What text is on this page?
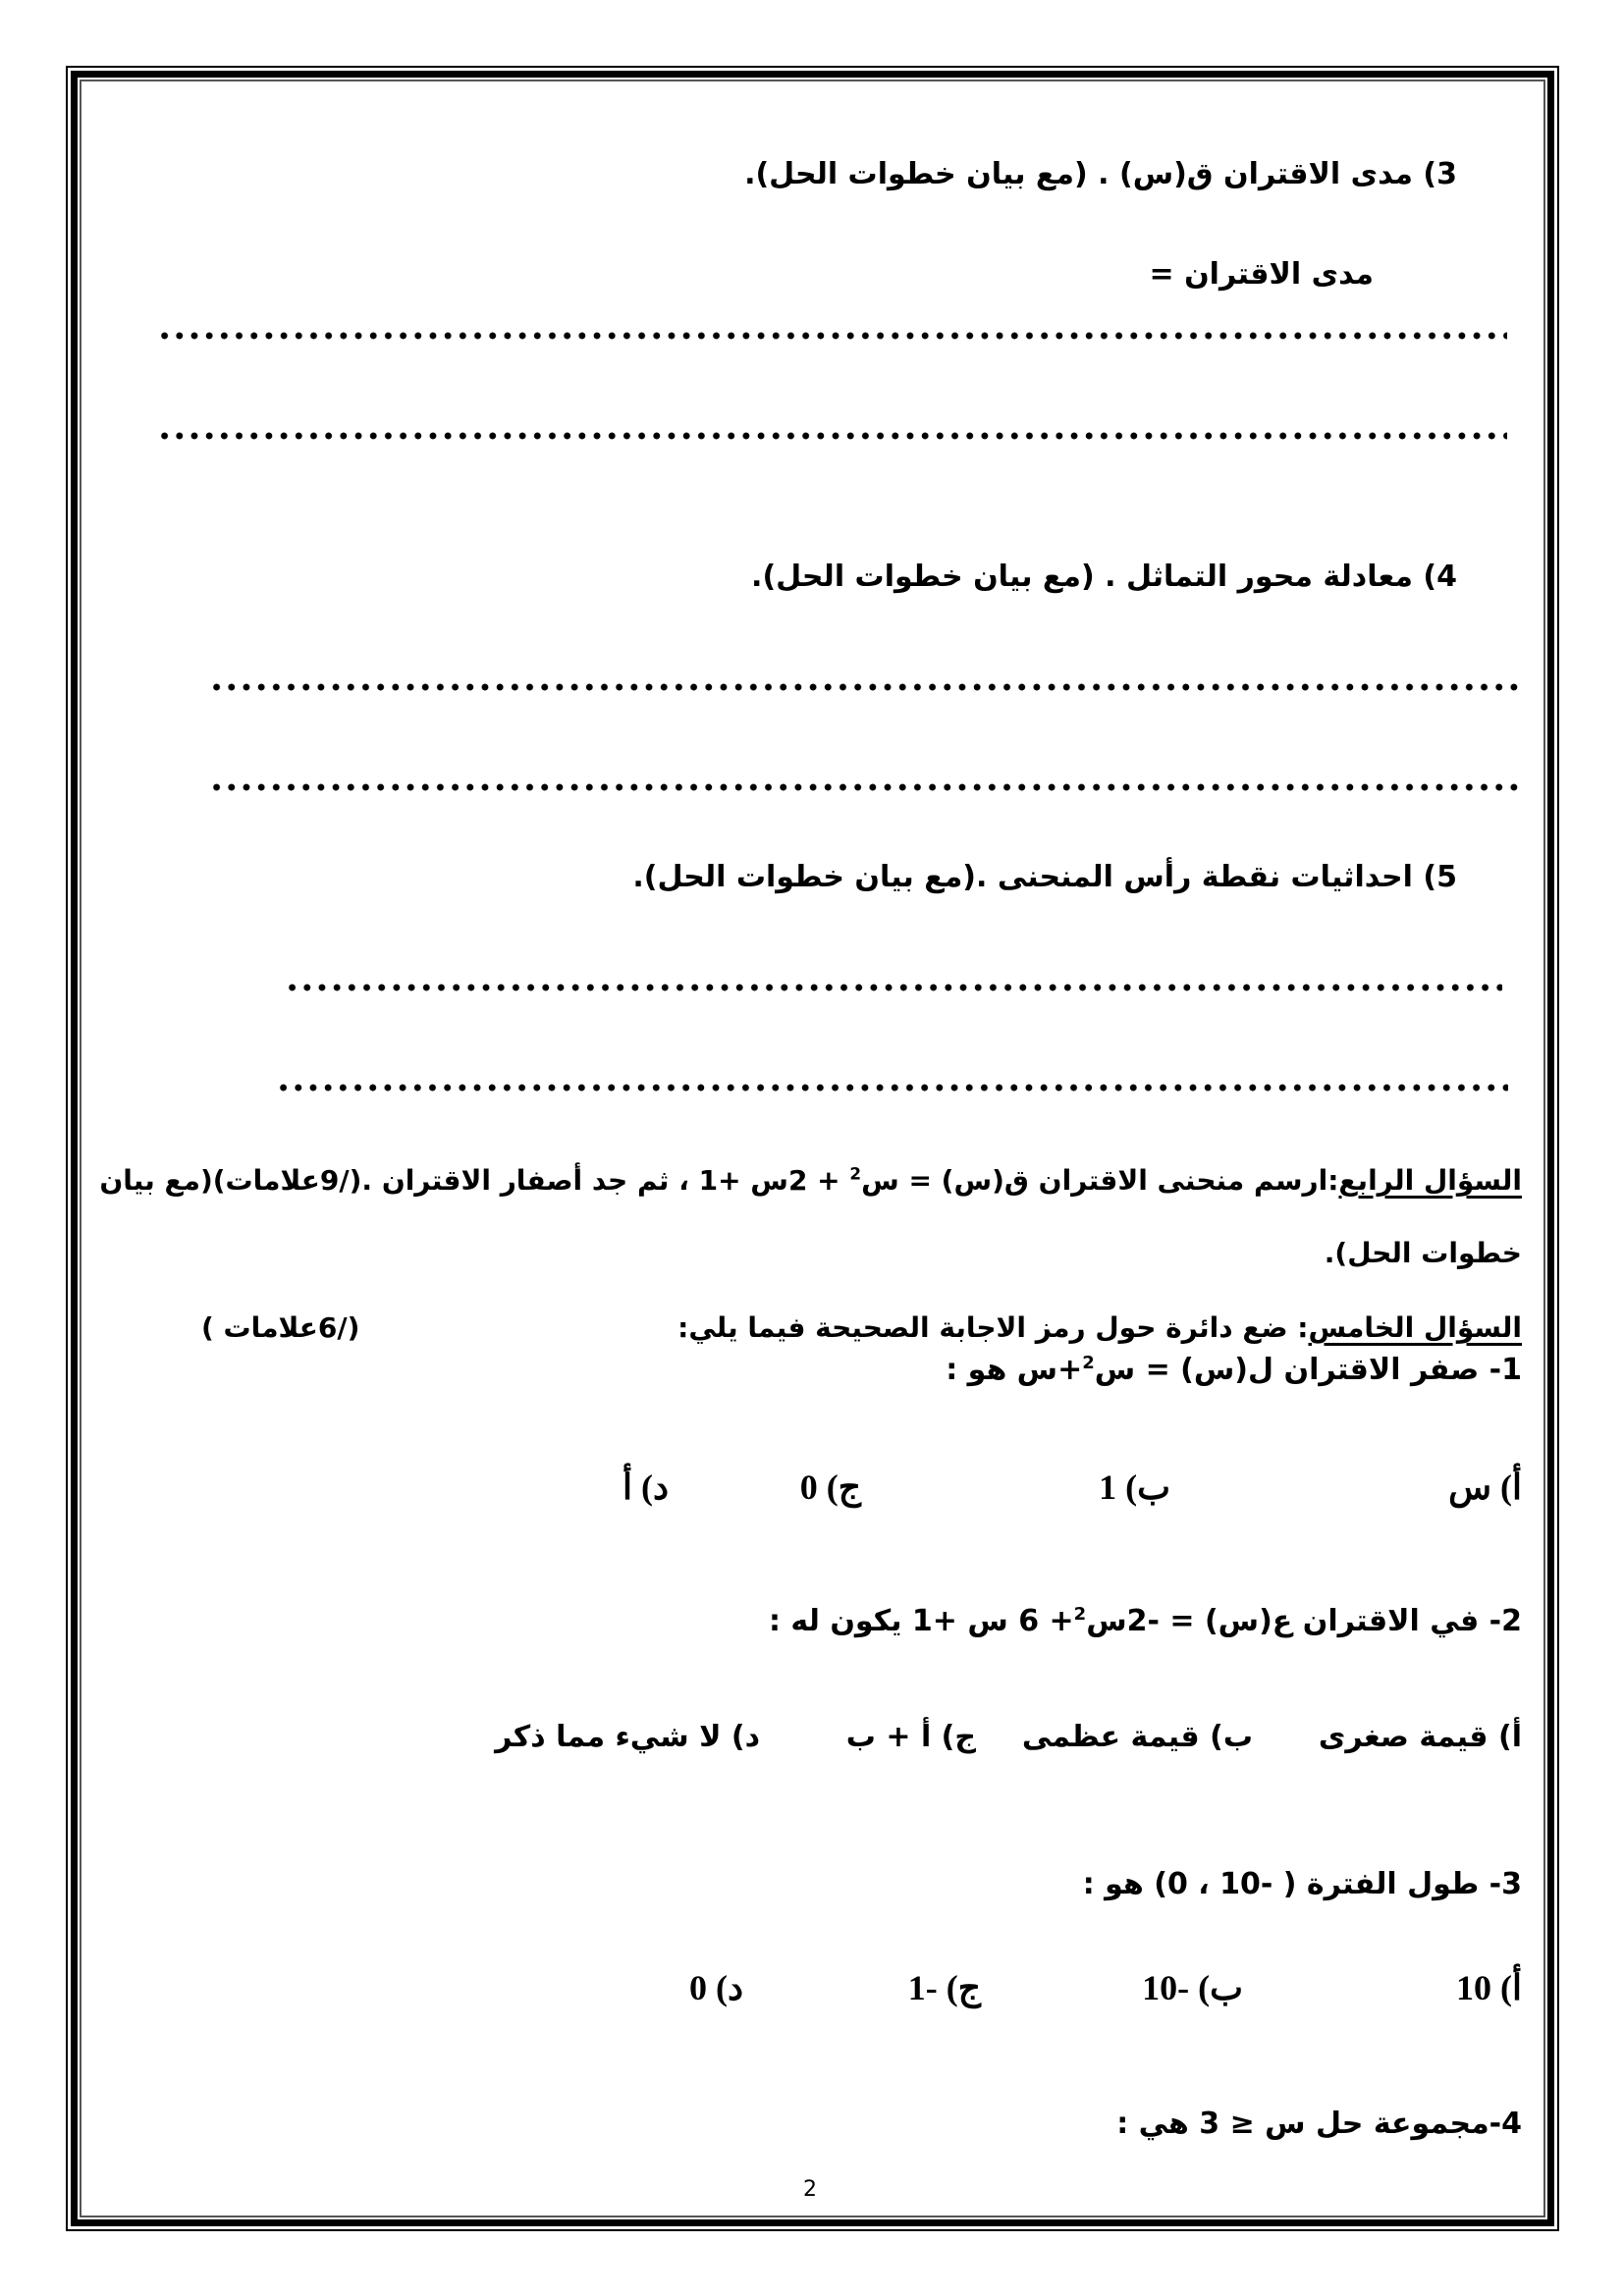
3) مدى الاقتران ق(س) . (مع بيان خطوات الحل).
مدى الاقتران =
4) معادلة محور التماثل . (مع بيان خطوات الحل).
5) احداثيات نقطة رأس المنحنى .(مع بيان خطوات الحل).
السؤال الرابع:ارسم منحنى الاقتران ق(س) = س$^2$ + 2س +1 ، ثم جد أصفار الاقتران .(/9علامات)(مع بيان
خطوات الحل).
السؤال الخامس: ضع دائرة حول رمز الاجابة الصحيحة فيما يلي:
(/6علامات )
1- صفر الاقتران ل(س) = س$^2$+س هو :
أ) س
ب) 1
ج) 0
د) أ
2- في الاقتران ع(س) = -2س$^2$+ 6 س +1 يكون له :
أ) قيمة صغرى
ب) قيمة عظمى
ج) أ + ب
د) لا شيء مما ذكر
3- طول الفترة ( -10 ، 0) هو :
أ) 10
ب) -10
ج) -1
د) 0
4-مجموعة حل س ≤ 3 هي :
2
